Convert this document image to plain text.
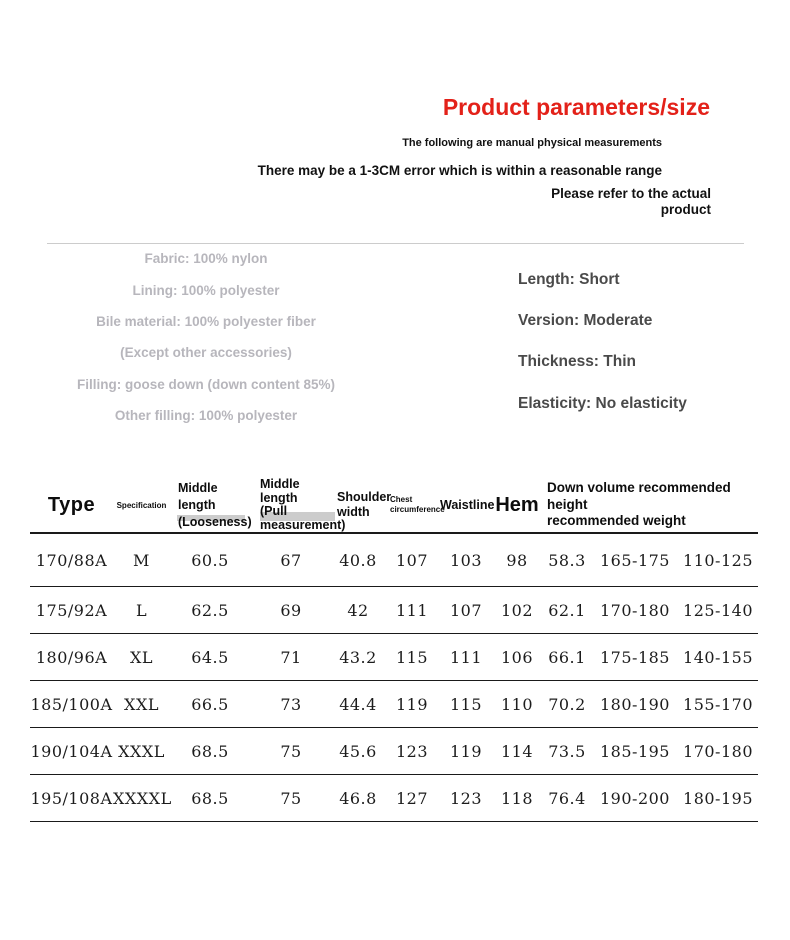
Product parameters/size
The following are manual physical measurements
There may be a 1-3CM error which is within a reasonable range
Please refer to the actual
product
Fabric: 100% nylon
Lining: 100% polyester
Bile material: 100% polyester fiber
(Except other accessories)
Filling: goose down (down content 85%)
Other filling: 100% polyester
Length: Short
Version: Moderate
Thickness: Thin
Elasticity: No elasticity
Type	Specification	Middle length
(Looseness)	Middle length
(Pull
measurement)	Shoulder
width	Chest
circumference	Waistline	Hem	Down volume recommended height
recommended weight		

170/88A	M	60.5	67	40.8	107	103	98	58.3	165-175	110-125
175/92A	L	62.5	69	42	111	107	102	62.1	170-180	125-140
180/96A	XL	64.5	71	43.2	115	111	106	66.1	175-185	140-155
185/100A	XXL	66.5	73	44.4	119	115	110	70.2	180-190	155-170
190/104A	XXXL	68.5	75	45.6	123	119	114	73.5	185-195	170-180
195/108A	XXXXL	68.5	75	46.8	127	123	118	76.4	190-200	180-195
